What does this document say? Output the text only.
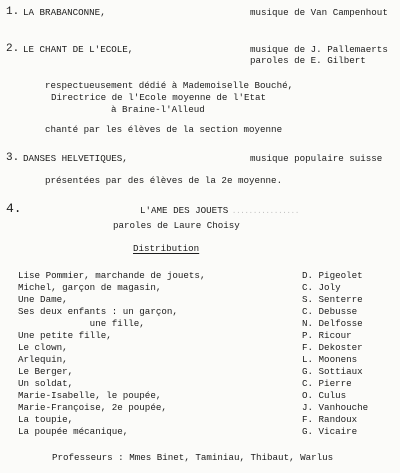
1. LA BRABANCONNE,	musique de Van Campenhout
2. LE CHANT DE L'ECOLE,	musique de J. Pallemaerts
paroles de E. Gilbert
respectueusement dédié à Mademoiselle Bouché,
Directrice de l'Ecole moyenne de l'Etat
à Braine-l'Alleud
chanté par les élèves de la section moyenne
3. DANSES HELVETIQUES,	musique populaire suisse
présentées par des élèves de la 2e moyenne.
4.	L'AME DES JOUETS ................
paroles de Laure Choisy
Distribution
Lise Pommier, marchande de jouets,	D. Pigeolet
Michel, garçon de magasin,	C. Joly
Une Dame,	S. Senterre
Ses deux enfants : un garçon,	C. Debusse
une fille,	N. Delfosse
Une petite fille,	P. Ricour
Le clown,	F. Dekoster
Arlequin,	L. Moonens
Le Berger,	G. Sottiaux
Un soldat,	C. Pierre
Marie-Isabelle, le poupée,	O. Culus
Marie-Françoise, 2e poupée,	J. Vanhouche
La toupie,	F. Randoux
La poupée mécanique,	G. Vicaire
Professeurs : Mmes Binet, Taminiau, Thibaut, Warlus
